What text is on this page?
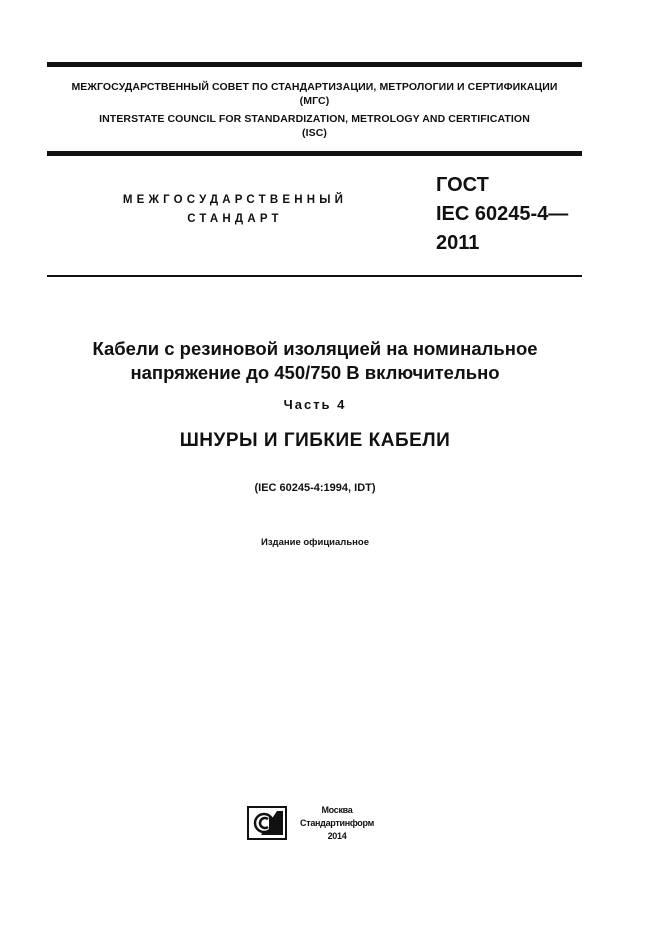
МЕЖГОСУДАРСТВЕННЫЙ СОВЕТ ПО СТАНДАРТИЗАЦИИ, МЕТРОЛОГИИ И СЕРТИФИКАЦИИ
(МГС)
INTERSTATE COUNCIL FOR STANDARDIZATION, METROLOGY AND CERTIFICATION
(ISC)
МЕЖГОСУДАРСТВЕННЫЙ
СТАНДАРТ
ГОСТ
IEC 60245-4—
2011
Кабели с резиновой изоляцией на номинальное
напряжение до 450/750 В включительно
Часть 4
ШНУРЫ И ГИБКИЕ КАБЕЛИ
(IEC 60245-4:1994, IDT)
Издание официальное
Москва
Стандартинформ
2014
